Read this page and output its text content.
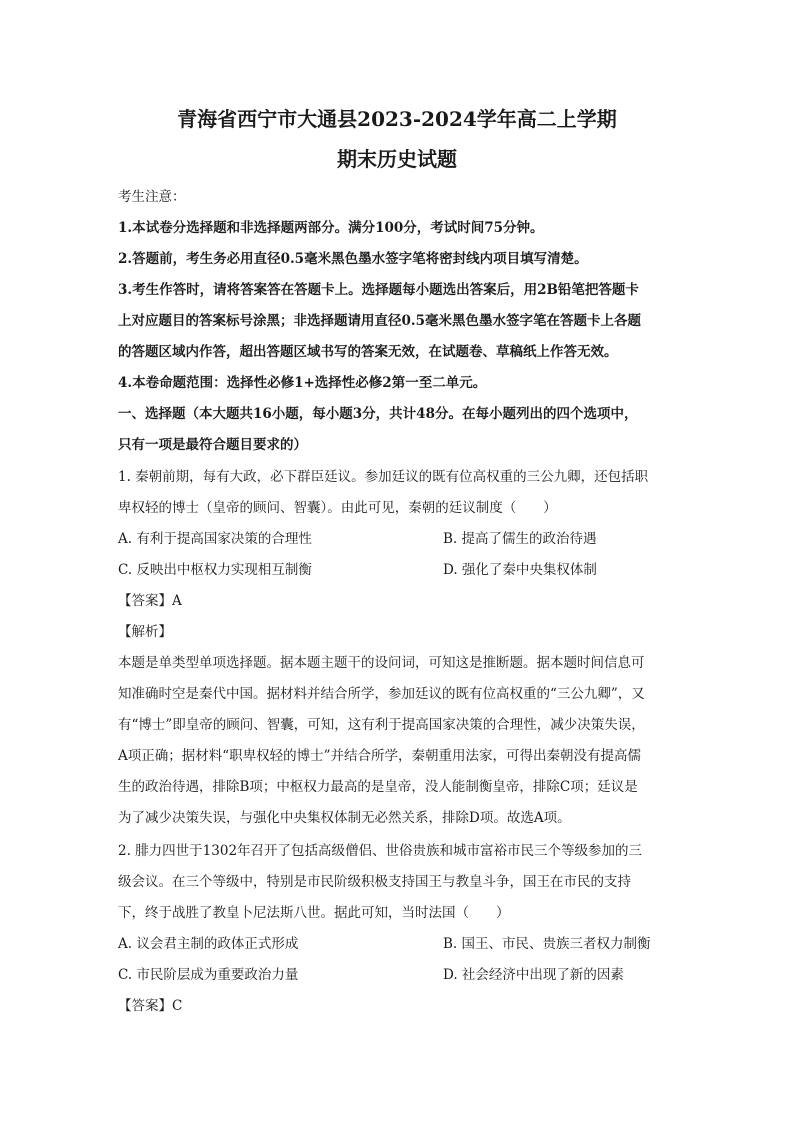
青海省西宁市大通县2023-2024学年高二上学期
期末历史试题
考生注意：
1.本试卷分选择题和非选择题两部分。满分100分，考试时间75分钟。
2.答题前，考生务必用直径0.5毫米黑色墨水签字笔将密封线内项目填写清楚。
3.考生作答时，请将答案答在答题卡上。选择题每小题选出答案后，用2B铅笔把答题卡
上对应题目的答案标号涂黑；非选择题请用直径0.5毫米黑色墨水签字笔在答题卡上各题
的答题区域内作答，超出答题区域书写的答案无效，在试题卷、草稿纸上作答无效。
4.本卷命题范围：选择性必修1+选择性必修2第一至二单元。
一、选择题（本大题共16小题，每小题3分，共计48分。在每小题列出的四个选项中，
只有一项是最符合题目要求的）
1. 秦朝前期，每有大政，必下群臣廷议。参加廷议的既有位高权重的三公九卿，还包括职
卑权轻的博士（皇帝的顾问、智囊）。由此可见，秦朝的廷议制度（　　）
A. 有利于提高国家决策的合理性	B. 提高了儒生的政治待遇
C. 反映出中枢权力实现相互制衡	D. 强化了秦中央集权体制
【答案】A
【解析】
本题是单类型单项选择题。据本题主题干的设问词，可知这是推断题。据本题时间信息可
知准确时空是秦代中国。据材料并结合所学，参加廷议的既有位高权重的“三公九卿”，又
有“博士”即皇帝的顾问、智囊，可知，这有利于提高国家决策的合理性，减少决策失误，
A项正确；据材料“职卑权轻的博士”并结合所学，秦朝重用法家，可得出秦朝没有提高儒
生的政治待遇，排除B项；中枢权力最高的是皇帝，没人能制衡皇帝，排除C项；廷议是
为了减少决策失误，与强化中央集权体制无必然关系，排除D项。故选A项。
2. 腓力四世于1302年召开了包括高级僧侣、世俗贵族和城市富裕市民三个等级参加的三
级会议。在三个等级中，特别是市民阶级积极支持国王与教皇斗争，国王在市民的支持
下，终于战胜了教皇卜尼法斯八世。据此可知，当时法国（　　）
A. 议会君主制的政体正式形成	B. 国王、市民、贵族三者权力制衡
C. 市民阶层成为重要政治力量	D. 社会经济中出现了新的因素
【答案】C
